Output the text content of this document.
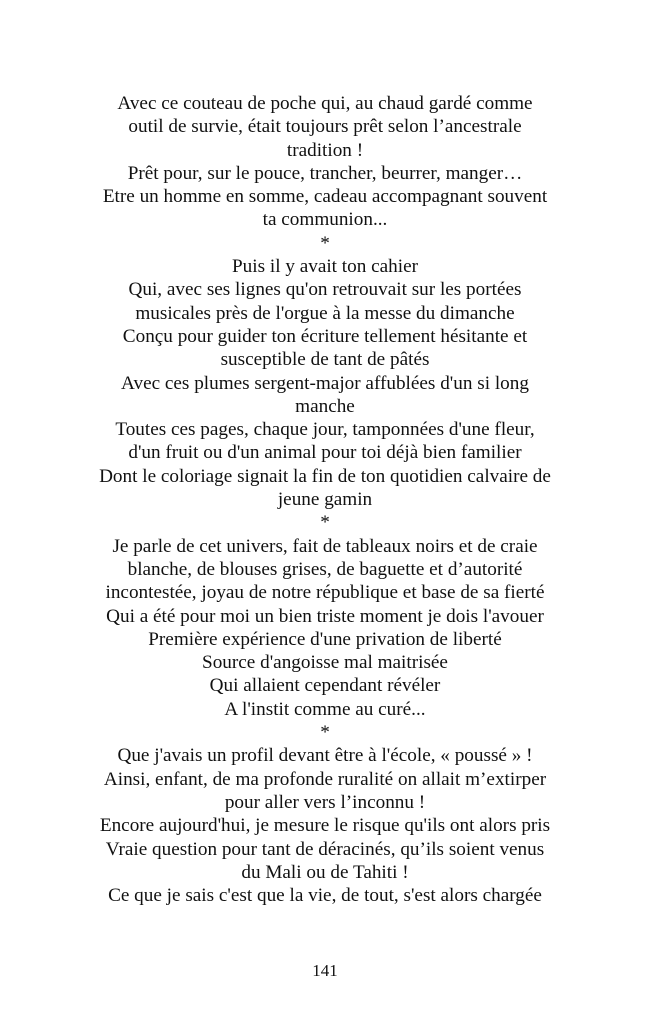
Avec ce couteau de poche qui, au chaud gardé comme
outil de survie, était toujours prêt selon l’ancestrale
tradition !
Prêt pour, sur le pouce, trancher, beurrer, manger…
Etre un homme en somme, cadeau accompagnant souvent
ta communion...
*
Puis il y avait ton cahier
Qui, avec ses lignes qu'on retrouvait sur les portées
musicales près de l'orgue à la messe du dimanche
Conçu pour guider ton écriture tellement hésitante et
susceptible de tant de pâtés
Avec ces plumes sergent-major affublées d'un si long
manche
Toutes ces pages, chaque jour, tamponnées d'une fleur,
d'un fruit ou d'un animal pour toi déjà bien familier
Dont le coloriage signait la fin de ton quotidien calvaire de
jeune gamin
*
Je parle de cet univers, fait de tableaux noirs et de craie
blanche, de blouses grises, de baguette et d’autorité
incontestée, joyau de notre république et base de sa fierté
Qui a été pour moi un bien triste moment je dois l'avouer
Première expérience d'une privation de liberté
Source d'angoisse mal maitrisée
Qui allaient cependant révéler
A l'instit comme au curé...
*
Que j'avais un profil devant être à l'école, « poussé » !
Ainsi, enfant, de ma profonde ruralité on allait m’extirper
pour aller vers l’inconnu !
Encore aujourd'hui, je mesure le risque qu'ils ont alors pris
Vraie question pour tant de déracinés, qu’ils soient venus
du Mali ou de Tahiti !
Ce que je sais c'est que la vie, de tout, s'est alors chargée
141
